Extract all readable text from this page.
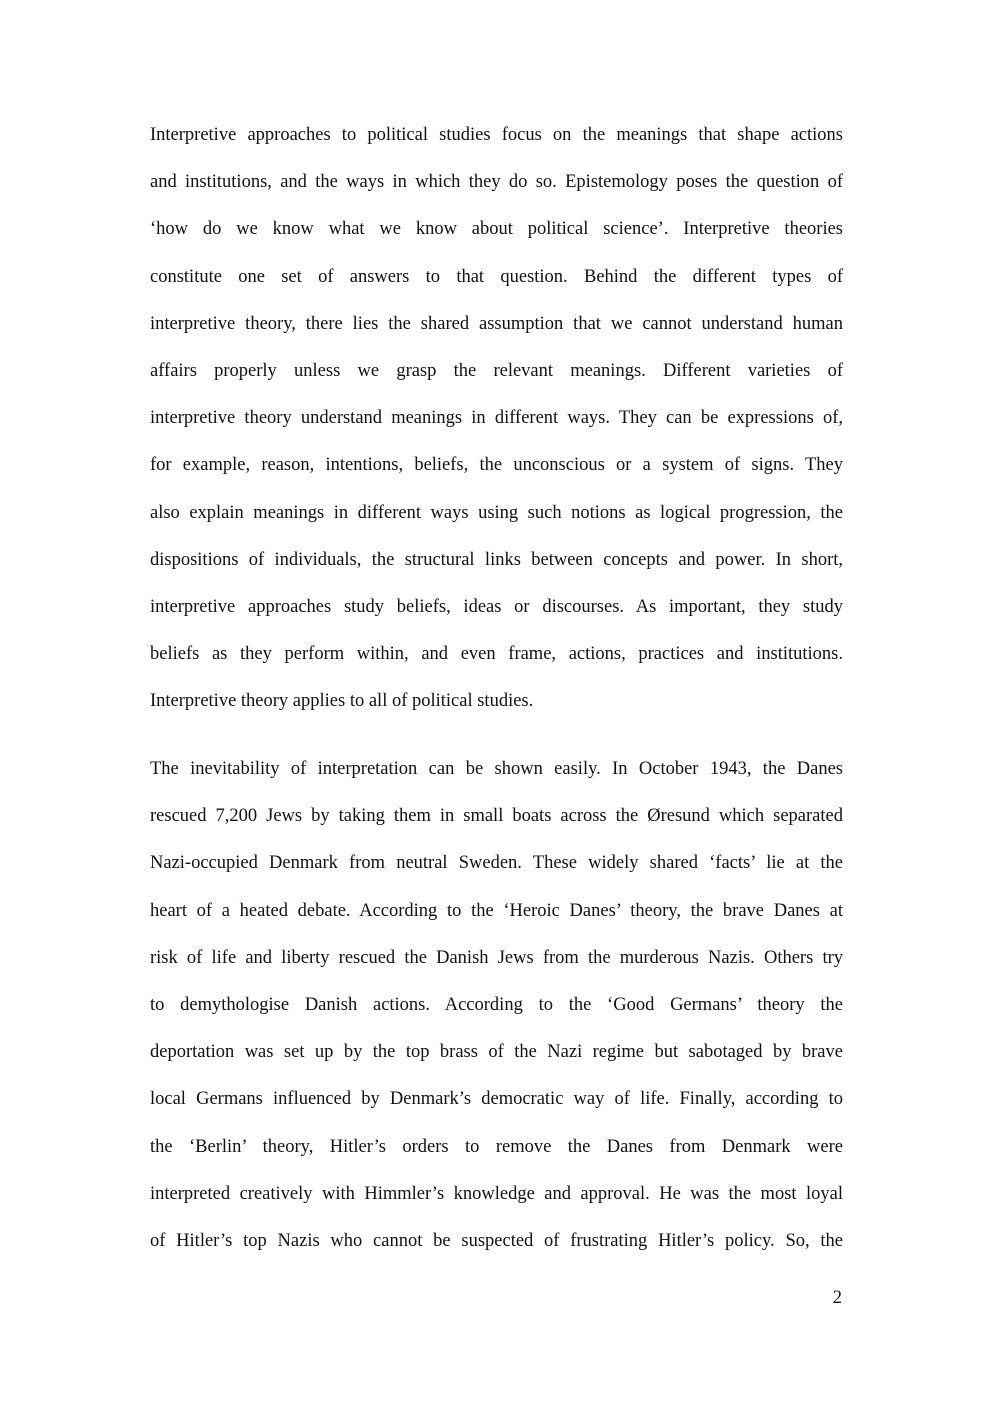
Interpretive approaches to political studies focus on the meanings that shape actions
and institutions, and the ways in which they do so. Epistemology poses the question of
‘how do we know what we know about political science’. Interpretive theories
constitute one set of answers to that question. Behind the different types of
interpretive theory, there lies the shared assumption that we cannot understand human
affairs properly unless we grasp the relevant meanings. Different varieties of
interpretive theory understand meanings in different ways. They can be expressions of,
for example, reason, intentions, beliefs, the unconscious or a system of signs. They
also explain meanings in different ways using such notions as logical progression, the
dispositions of individuals, the structural links between concepts and power. In short,
interpretive approaches study beliefs, ideas or discourses. As important, they study
beliefs as they perform within, and even frame, actions, practices and institutions.
Interpretive theory applies to all of political studies.
The inevitability of interpretation can be shown easily. In October 1943, the Danes
rescued 7,200 Jews by taking them in small boats across the Øresund which separated
Nazi-occupied Denmark from neutral Sweden. These widely shared ‘facts’ lie at the
heart of a heated debate. According to the ‘Heroic Danes’ theory, the brave Danes at
risk of life and liberty rescued the Danish Jews from the murderous Nazis. Others try
to demythologise Danish actions. According to the ‘Good Germans’ theory the
deportation was set up by the top brass of the Nazi regime but sabotaged by brave
local Germans influenced by Denmark’s democratic way of life. Finally, according to
the ‘Berlin’ theory, Hitler’s orders to remove the Danes from Denmark were
interpreted creatively with Himmler’s knowledge and approval. He was the most loyal
of Hitler’s top Nazis who cannot be suspected of frustrating Hitler’s policy. So, the
2
